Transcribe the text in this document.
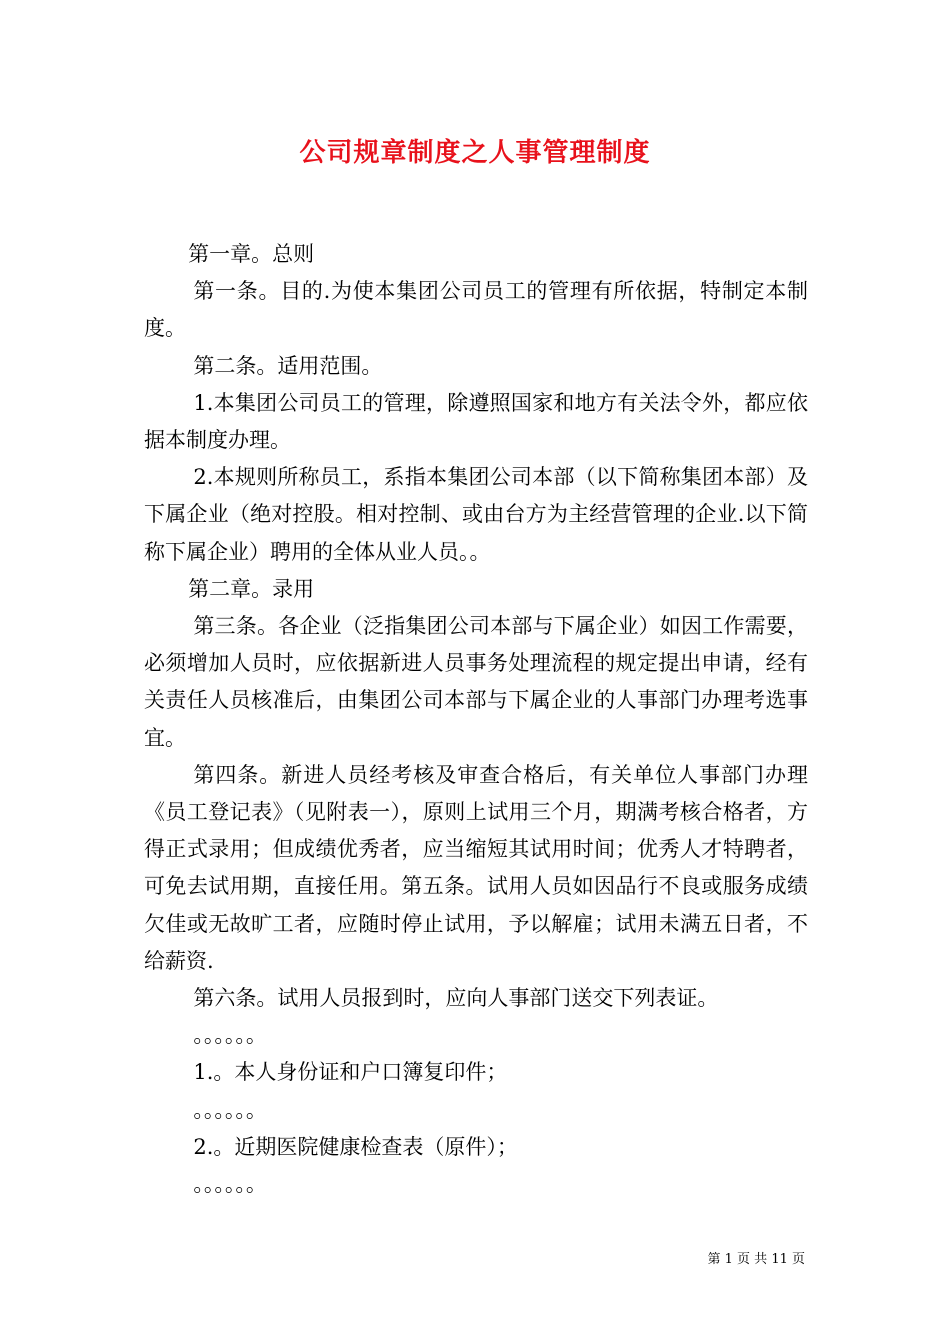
公司规章制度之人事管理制度

第一章。总则

第一条。目的.为使本集团公司员工的管理有所依据，特制定本制度。

第二条。适用范围。

1.本集团公司员工的管理，除遵照国家和地方有关法令外，都应依据本制度办理。

2.本规则所称员工，系指本集团公司本部（以下简称集团本部）及下属企业（绝对控股。相对控制、或由台方为主经营管理的企业.以下简称下属企业）聘用的全体从业人员。。

第二章。录用

第三条。各企业（泛指集团公司本部与下属企业）如因工作需要，必须增加人员时，应依据新进人员事务处理流程的规定提出申请，经有关责任人员核准后，由集团公司本部与下属企业的人事部门办理考选事宜。

第四条。新进人员经考核及审查合格后，有关单位人事部门办理《员工登记表》（见附表一），原则上试用三个月，期满考核合格者，方得正式录用；但成绩优秀者，应当缩短其试用时间；优秀人才特聘者，可免去试用期，直接任用。第五条。试用人员如因品行不良或服务成绩欠佳或无故旷工者，应随时停止试用，予以解雇；试用未满五日者，不给薪资.

第六条。试用人员报到时，应向人事部门送交下列表证。

。。。。。。

1.。本人身份证和户口簿复印件；

。。。。。。

2.。近期医院健康检查表（原件）；

。。。。。。

第 1 页 共 11 页
